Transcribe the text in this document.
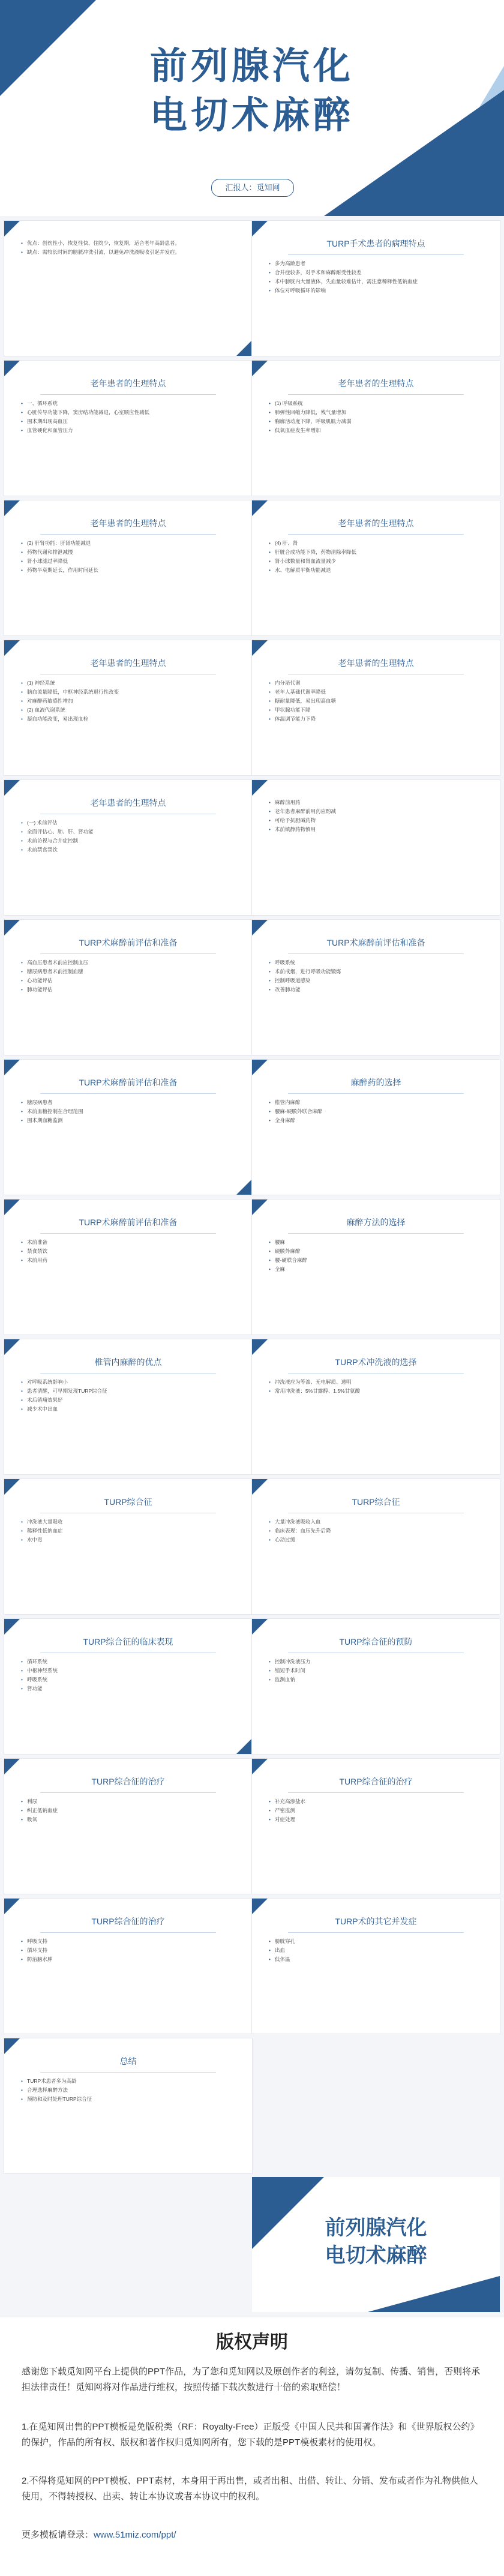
前列腺汽化
电切术麻醉
汇报人：觅知网
• 优点：创伤性小，恢复性快，住院少，恢复期，适合老年高龄患者。
• 缺点：需较长时间的膀胱冲洗引流，以避免冲洗液吸收引起并发症。
TURP手术患者的病理特点
• 多为高龄患者
• 合并症较多，对手术和麻醉耐受性较差
• 术中膀胱内大量液体，失血量较难估计，需注意稀释性低钠血症
• 体位对呼吸循环的影响
老年患者的生理特点
• 一、循环系统
• 心脏传导功能下降，窦房结功能减退，心室顺应性减低
• 围术期出现高血压
• 血管硬化和血管压力
老年患者的生理特点
• (1) 呼吸系统
• 肺弹性回缩力降低，残气量增加
• 胸廓活动度下降，呼吸肌肌力减弱
• 低氧血症发生率增加
老年患者的生理特点
• (2) 肝肾功能：肝肾功能减退
• 药物代谢和排泄减慢
• 肾小球滤过率降低
• 药物半衰期延长，作用时间延长
老年患者的生理特点
• (4) 肝、肾
• 肝脏合成功能下降，药物清除率降低
• 肾小球数量和肾血流量减少
• 水、电解质平衡功能减退
老年患者的生理特点
• (1) 神经系统
• 脑血流量降低，中枢神经系统退行性改变
• 对麻醉药敏感性增加
• (2) 血液代谢系统
• 凝血功能改变，易出现血栓
老年患者的生理特点
• 内分泌代谢
• 老年人基础代谢率降低
• 糖耐量降低，易出现高血糖
• 甲状腺功能下降
• 体温调节能力下降
老年患者的生理特点
• (一) 术前评估
• 全面评估心、肺、肝、肾功能
• 术前访视与合并症控制
• 术前禁食禁饮
• 麻醉前用药
• 老年患者麻醉前用药应酌减
• 可给予抗胆碱药物
• 术前镇静药物慎用
TURP术麻醉前评估和准备
• 高血压患者术前应控制血压
• 糖尿病患者术前控制血糖
• 心功能评估
• 肺功能评估
TURP术麻醉前评估和准备
• 呼吸系统
• 术前戒烟，进行呼吸功能锻炼
• 控制呼吸道感染
• 改善肺功能
TURP术麻醉前评估和准备
• 糖尿病患者
• 术前血糖控制在合理范围
• 围术期血糖监测
麻醉药的选择
• 椎管内麻醉
• 腰麻-硬膜外联合麻醉
• 全身麻醉
TURP术麻醉前评估和准备
• 术前准备
• 禁食禁饮
• 术前用药
麻醉方法的选择
• 腰麻
• 硬膜外麻醉
• 腰-硬联合麻醉
• 全麻
椎管内麻醉的优点
• 对呼吸系统影响小
• 患者清醒，可早期发现TURP综合征
• 术后镇痛效果好
• 减少术中出血
TURP术冲洗液的选择
• 冲洗液应为等渗、无电解质、透明
• 常用冲洗液：5%甘露醇、1.5%甘氨酸
TURP综合征
• 冲洗液大量吸收
• 稀释性低钠血症
• 水中毒
TURP综合征
• 大量冲洗液吸收入血
• 临床表现：血压先升后降
• 心动过缓
TURP综合征的临床表现
• 循环系统
• 中枢神经系统
• 呼吸系统
• 肾功能
TURP综合征的预防
• 控制冲洗液压力
• 缩短手术时间
• 监测血钠
TURP综合征的治疗
• 利尿
• 纠正低钠血症
• 吸氧
TURP综合征的治疗
• 补充高渗盐水
• 严密监测
• 对症处理
TURP综合征的治疗
• 呼吸支持
• 循环支持
• 防治脑水肿
TURP术的其它并发症
• 膀胱穿孔
• 出血
• 低体温
总结
• TURP术患者多为高龄
• 合理选择麻醉方法
• 预防和及时处理TURP综合征
前列腺汽化
电切术麻醉
版权声明

感谢您下载觅知网平台上提供的PPT作品，为了您和觅知网以及原创作者的利益，请勿复制、传播、销售，否则将承担法律责任！觅知网将对作品进行维权，按照传播下载次数进行十倍的索取赔偿！

1.在觅知网出售的PPT模板是免版税类（RF：Royalty-Free）正版受《中国人民共和国著作法》和《世界版权公约》的保护，作品的所有权、版权和著作权归觅知网所有，您下载的是PPT模板素材的使用权。

2.不得将觅知网的PPT模板、PPT素材，本身用于再出售，或者出租、出借、转让、分销、发布或者作为礼物供他人使用，不得转授权、出卖、转让本协议或者本协议中的权利。

更多模板请登录：www.51miz.com/ppt/
